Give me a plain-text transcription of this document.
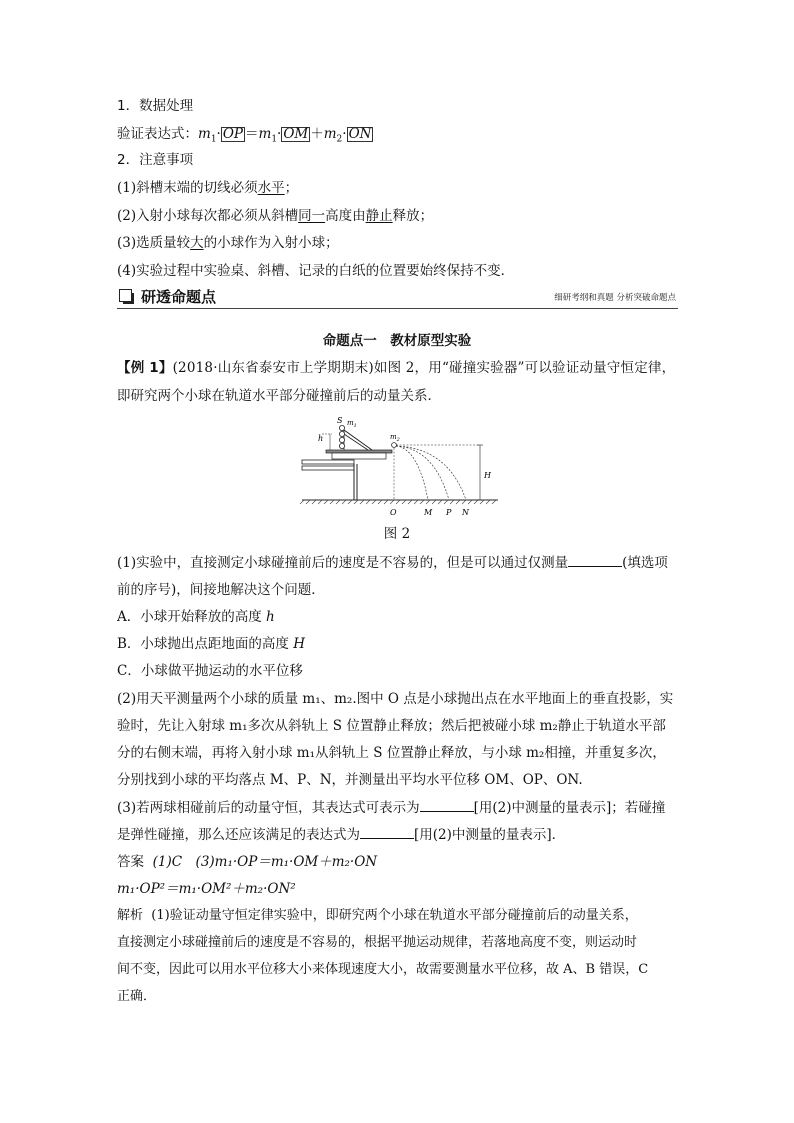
1．数据处理
验证表达式：$m_1\cdot$ OP $=m_1\cdot$ OM $+m_2\cdot$ ON
2．注意事项
(1)斜槽末端的切线必须水平；
(2)入射小球每次都必须从斜槽同一高度由静止释放；
(3)选质量较大的小球作为入射小球；
(4)实验过程中实验桌、斜槽、记录的白纸的位置要始终保持不变．
研透命题点	细研考纲和真题 分析突破命题点
命题点一　教材原型实验
【例 1】(2018·山东省泰安市上学期期末)如图 2，用“碰撞实验器”可以验证动量守恒定律，
即研究两个小球在轨道水平部分碰撞前后的动量关系．
S $m_1$
h	$m_2$
H
O	M P N
图 2
(1)实验中，直接测定小球碰撞前后的速度是不容易的，但是可以通过仅测量	(填选项
前的序号)，间接地解决这个问题．
A．小球开始释放的高度 h
B．小球抛出点距地面的高度 H
C．小球做平抛运动的水平位移
(2)用天平测量两个小球的质量 m₁、m₂.图中 O 点是小球抛出点在水平地面上的垂直投影，实
验时，先让入射球 m₁多次从斜轨上 S 位置静止释放；然后把被碰小球 m₂静止于轨道水平部
分的右侧末端，再将入射小球 m₁从斜轨上 S 位置静止释放，与小球 m₂相撞，并重复多次，
分别找到小球的平均落点 M、P、N，并测量出平均水平位移 OM、OP、ON.
(3)若两球相碰前后的动量守恒，其表达式可表示为	[用(2)中测量的量表示]；若碰撞
是弹性碰撞，那么还应该满足的表达式为	[用(2)中测量的量表示]．
答案 (1)C　(3)m₁·OP＝m₁·OM＋m₂·ON
m₁·OP²＝m₁·OM²＋m₂·ON²
解析 (1)验证动量守恒定律实验中，即研究两个小球在轨道水平部分碰撞前后的动量关系，
直接测定小球碰撞前后的速度是不容易的，根据平抛运动规律，若落地高度不变，则运动时
间不变，因此可以用水平位移大小来体现速度大小，故需要测量水平位移，故 A、B 错误，C
正确．
